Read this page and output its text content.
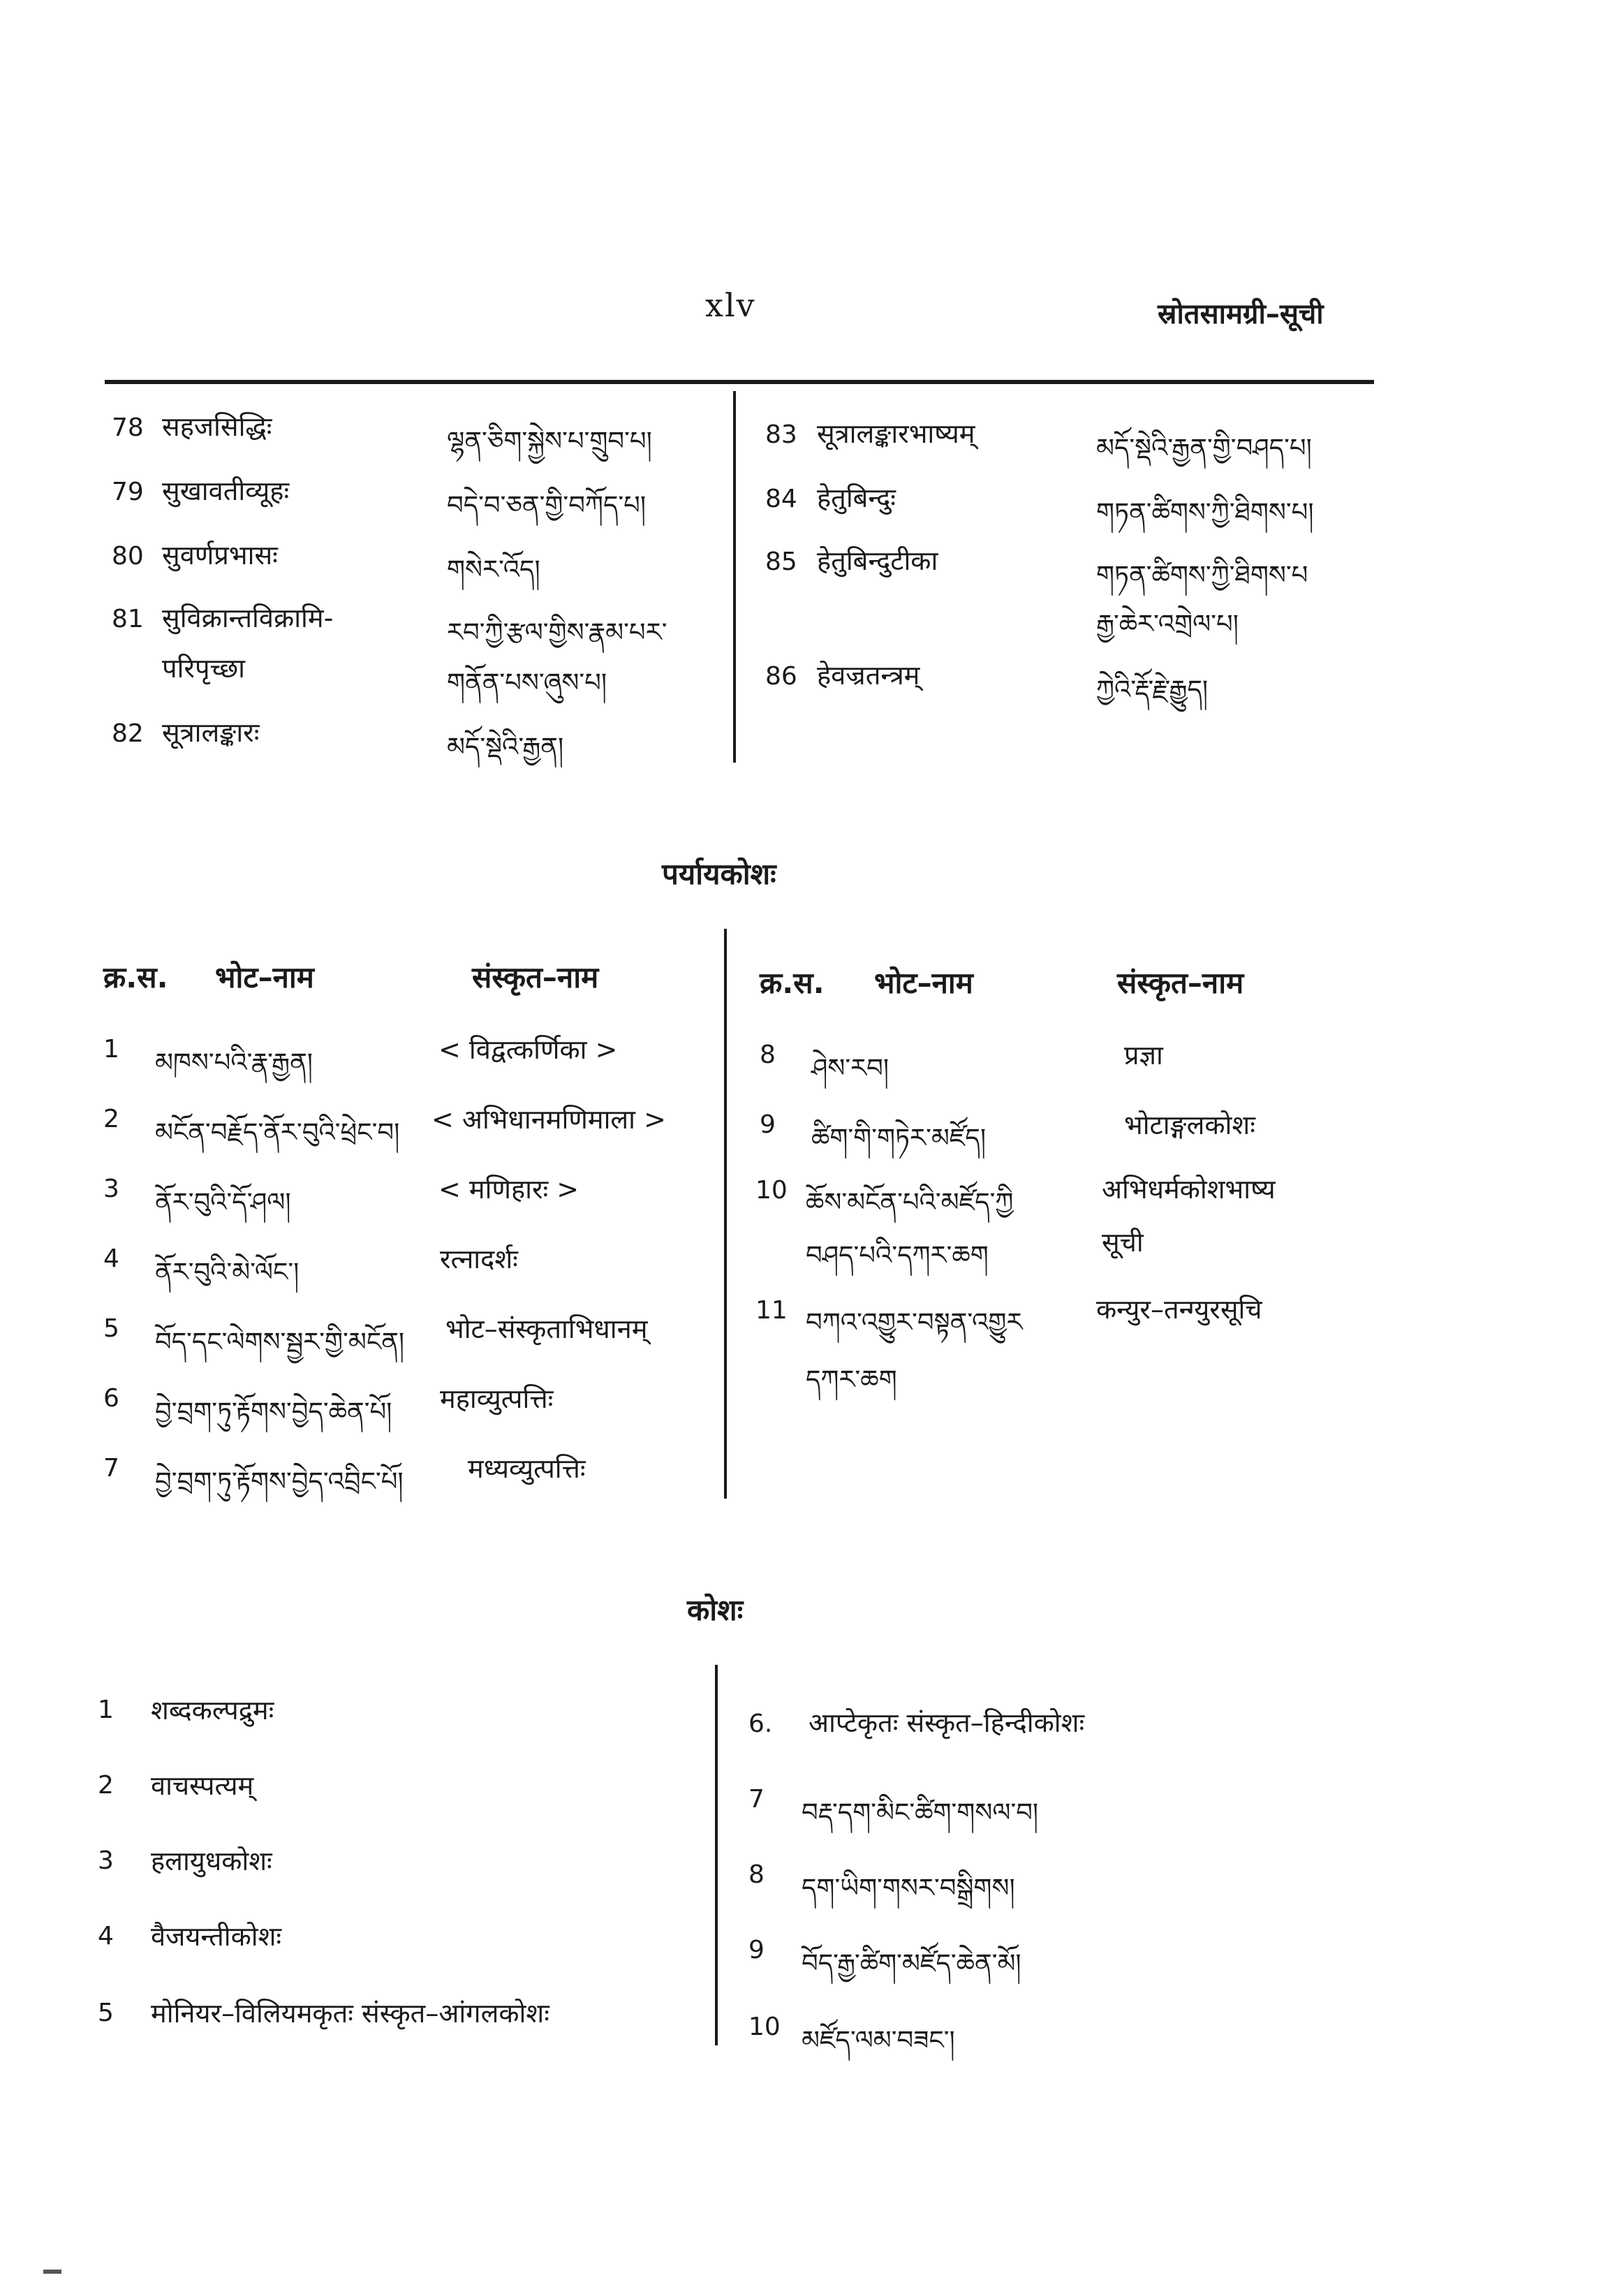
xlv	स्रोतसामग्री–सूची
78 सहजसिद्धिः	ལྷན་ཅིག་སྐྱེས་པ་གྲུབ་པ།
79 सुखावतीव्यूहः	བདེ་བ་ཅན་གྱི་བཀོད་པ།
80 सुवर्णप्रभासः	གསེར་འོད།
81 सुविक्रान्तविक्रामि-
परिपृच्छा
རབ་ཀྱི་རྩལ་གྱིས་རྣམ་པར་
གནོན་པས་ཞུས་པ།
82 सूत्रालङ्कारः	མདོ་སྡེའི་རྒྱན།
83 सूत्रालङ्कारभाष्यम्	མདོ་སྡེའི་རྒྱན་གྱི་བཤད་པ།
84 हेतुबिन्दुः	གཏན་ཚིགས་ཀྱི་ཐིགས་པ།
85 हेतुबिन्दुटीका	གཏན་ཚིགས་ཀྱི་ཐིགས་པ
རྒྱ་ཆེར་འགྲེལ་པ།
86 हेवज्रतन्त्रम्	ཀྱེའི་རྡོ་རྗེ་རྒྱུད།
पर्यायकोशः
क्र.स. भोट–नाम	संस्कृत–नाम	क्र.स. भोट–नाम	संस्कृत–नाम
1 མཁས་པའི་རྣ་རྒྱན།	< विद्वत्कर्णिका >
2 མངོན་བརྗོད་ནོར་བུའི་ཕྲེང་བ། < अभिधानमणिमाला >
3 ནོར་བུའི་དོ་ཤལ།	< मणिहारः >
4 ནོར་བུའི་མེ་ལོང་།	रत्नादर्शः
5 བོད་དང་ལེགས་སྦྱར་གྱི་མངོན། भोट–संस्कृताभिधानम्
6 བྱེ་བྲག་ཏུ་རྟོགས་བྱེད་ཆེན་པོ། महाव्युत्पत्तिः
7 བྱེ་བྲག་ཏུ་རྟོགས་བྱེད་འབྲིང་པོ། मध्यव्युत्पत्तिः
8 ཤེས་རབ།	प्रज्ञा
9 ཚིག་གི་གཏེར་མཛོད།	भोटाङ्गलकोशः
10 ཆོས་མངོན་པའི་མཛོད་ཀྱི
བཤད་པའི་དཀར་ཆག
अभिधर्मकोशभाष्य
सूची
11 བཀའ་འགྱུར་བསྟན་འགྱུར
དཀར་ཆག
कन्युर–तन्ग्युरसूचि
कोशः
1 शब्दकल्पद्रुमः
2 वाचस्पत्यम्
3 हलायुधकोशः
4 वैजयन्तीकोशः
5 मोनियर–विलियमकृतः संस्कृत–आंगलकोशः
6. आप्टेकृतः संस्कृत–हिन्दीकोशः
7 བརྡ་དག་མིང་ཚིག་གསལ་བ།
8 དག་ཡིག་གསར་བསྒྲིགས།
9 བོད་རྒྱ་ཚིག་མཛོད་ཆེན་མོ།
10 མཛོད་ལམ་བཟང་།
